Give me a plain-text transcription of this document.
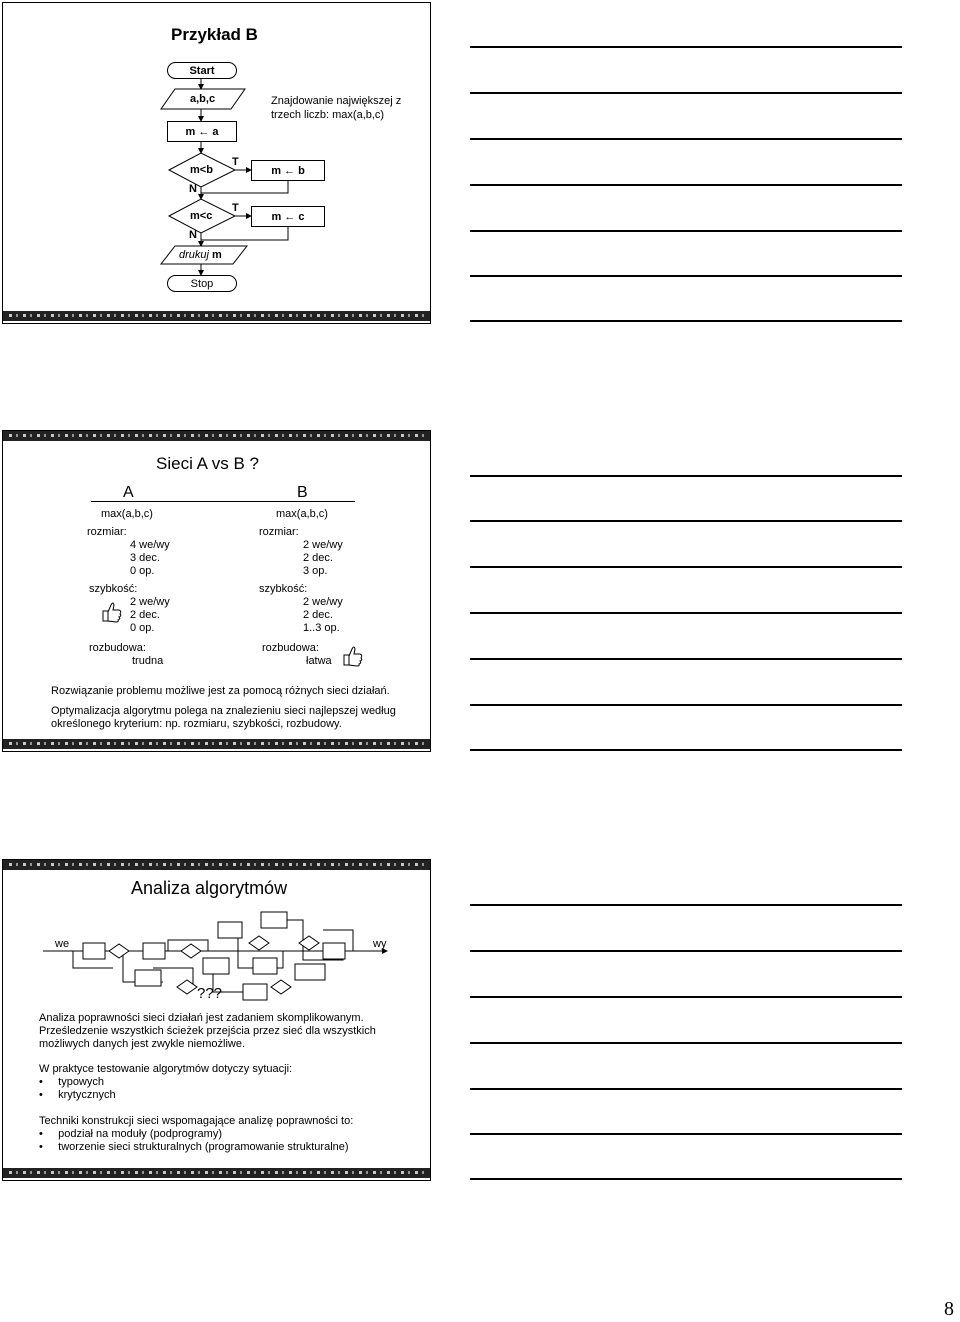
Przykład B
Start
a,b,c
m ← a
m<b
T
N
m ← b
m<c
T
N
m ← c
drukuj m
Stop
Znajdowanie największej z
trzech liczb: max(a,b,c)
Sieci A vs B ?
A	B
max(a,b,c)
rozmiar:
4 we/wy
3 dec.
0 op.
szybkość:
2 we/wy
2 dec.
0 op.
rozbudowa:
trudna
max(a,b,c)
rozmiar:
2 we/wy
2 dec.
3 op.
szybkość:
2 we/wy
2 dec.
1..3 op.
rozbudowa:
łatwa
Rozwiązanie problemu możliwe jest za pomocą różnych sieci działań.
Optymalizacja algorytmu polega na znalezieniu sieci najlepszej według
określonego kryterium: np. rozmiaru, szybkości, rozbudowy.
Analiza algorytmów
we	wy
???
Analiza poprawności sieci działań jest zadaniem skomplikowanym.
Prześledzenie wszystkich ścieżek przejścia przez sieć dla wszystkich
możliwych danych jest zwykle niemożliwe.
W praktyce testowanie algorytmów dotyczy sytuacji:
•     typowych
•     krytycznych
Techniki konstrukcji sieci wspomagające analizę poprawności to:
•     podział na moduły (podprogramy)
•     tworzenie sieci strukturalnych (programowanie strukturalne)
8
